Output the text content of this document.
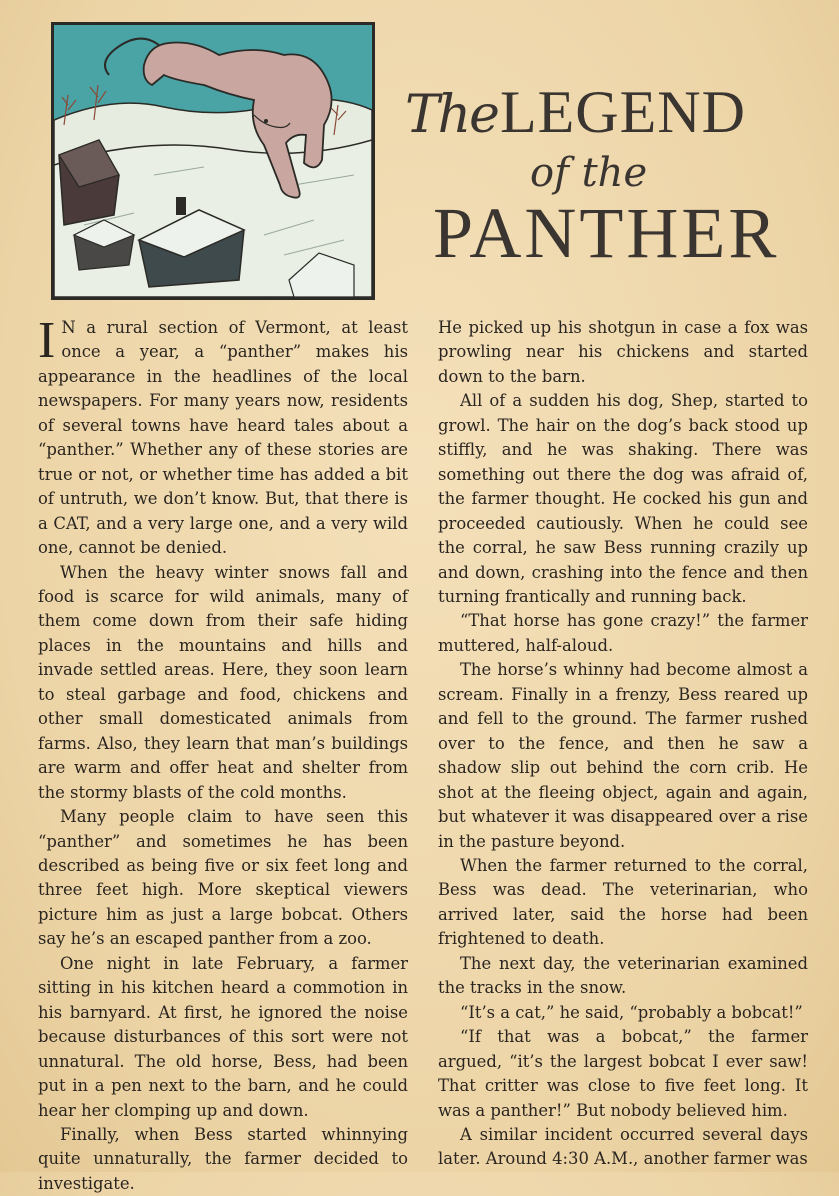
TheLEGEND
of the
PANTHER

I N a rural section of Vermont, at least once a year, a “panther” makes his appearance in the headlines of the local newspapers. For many years now, residents of several towns have heard tales about a “panther.” Whether any of these stories are true or not, or whether time has added a bit of untruth, we don’t know. But, that there is a CAT, and a very large one, and a very wild one, cannot be denied.

When the heavy winter snows fall and food is scarce for wild animals, many of them come down from their safe hiding places in the mountains and hills and invade settled areas. Here, they soon learn to steal garbage and food, chickens and other small domesticated animals from farms. Also, they learn that man’s buildings are warm and offer heat and shelter from the stormy blasts of the cold months.

Many people claim to have seen this “panther” and sometimes he has been described as being five or six feet long and three feet high. More skeptical viewers picture him as just a large bobcat. Others say he’s an escaped panther from a zoo.

One night in late February, a farmer sitting in his kitchen heard a commotion in his barnyard. At first, he ignored the noise because disturbances of this sort were not unnatural. The old horse, Bess, had been put in a pen next to the barn, and he could hear her clomping up and down.

Finally, when Bess started whinnying quite unnaturally, the farmer decided to investigate.

He picked up his shotgun in case a fox was prowling near his chickens and started down to the barn.

All of a sudden his dog, Shep, started to growl. The hair on the dog’s back stood up stiffly, and he was shaking. There was something out there the dog was afraid of, the farmer thought. He cocked his gun and proceeded cautiously. When he could see the corral, he saw Bess running crazily up and down, crashing into the fence and then turning frantically and running back.

“That horse has gone crazy!” the farmer muttered, half-aloud.

The horse’s whinny had become almost a scream. Finally in a frenzy, Bess reared up and fell to the ground. The farmer rushed over to the fence, and then he saw a shadow slip out behind the corn crib. He shot at the fleeing object, again and again, but whatever it was disappeared over a rise in the pasture beyond.

When the farmer returned to the corral, Bess was dead. The veterinarian, who arrived later, said the horse had been frightened to death.

The next day, the veterinarian examined the tracks in the snow.

“It’s a cat,” he said, “probably a bobcat!”

“If that was a bobcat,” the farmer argued, “it’s the largest bobcat I ever saw! That critter was close to five feet long. It was a panther!” But nobody believed him.

A similar incident occurred several days later. Around 4:30 A.M., another farmer was
